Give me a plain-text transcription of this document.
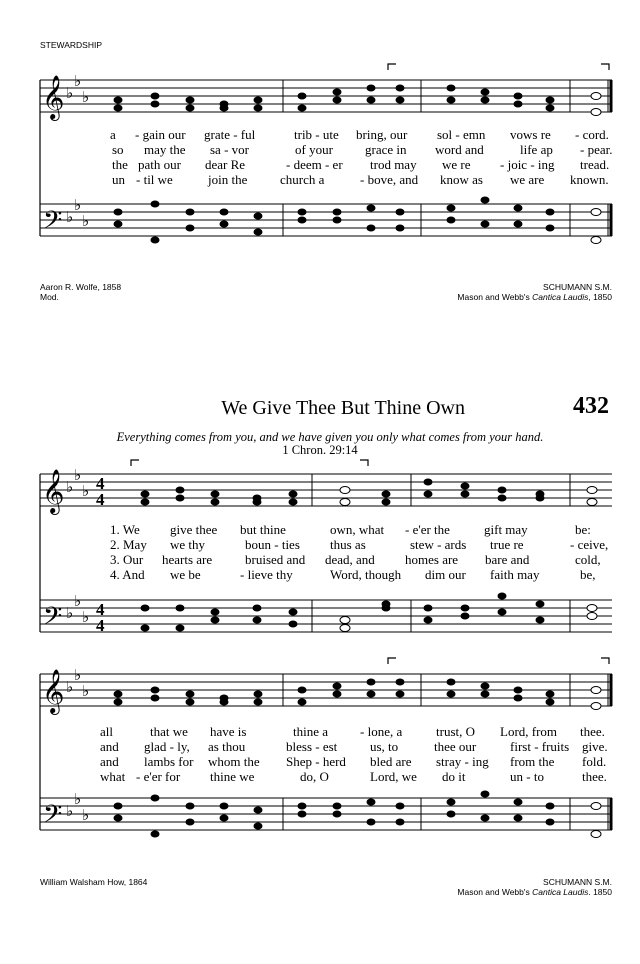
STEWARDSHIP
𝄞
𝄢
♭
♭
♭
♭
♭
♭
a - gain our grate - ful	trib - ute bring, our sol - emn vows re - cord.
so may the sa - vor	of your grace in word and	life ap - pear.
the path our dear Re	- deem - er trod may we re - joic - ing tread.
un - til we	join the	church a	- bove, and know as we are known.
Aaron R. Wolfe, 1858
Mod.
SCHUMANN S.M.
Mason and Webb's Cantica Laudis, 1850
We Give Thee But Thine Own	432
Everything comes from you, and we have given you only what comes from your hand.
1 Chron. 29:14
𝄞
𝄢
♭
♭
♭
♭
♭
♭
4
4
4
4
1. We give thee but thine	own, what - e'er the	gift may	be:
2. May we thy	boun - ties thus as	stew - ards true re	- ceive,
3. Our hearts are	bruised and dead, and homes are bare and	cold,
4. And we be	- lieve thy	Word, though dim our faith may	be,
𝄞
𝄢
♭
♭
♭
♭
♭
♭
all	that we have is	thine a - lone, a	trust, O Lord, from thee.
and glad - ly, as thou	bless - est	us, to	thee our	first - fruits give.
and lambs for whom the Shep - herd bled are stray - ing from the fold.
what - e'er for thine we	do, O	Lord, we do it	un - to	thee.
William Walsham How, 1864	SCHUMANN S.M.
Mason and Webb's Cantica Laudis. 1850
